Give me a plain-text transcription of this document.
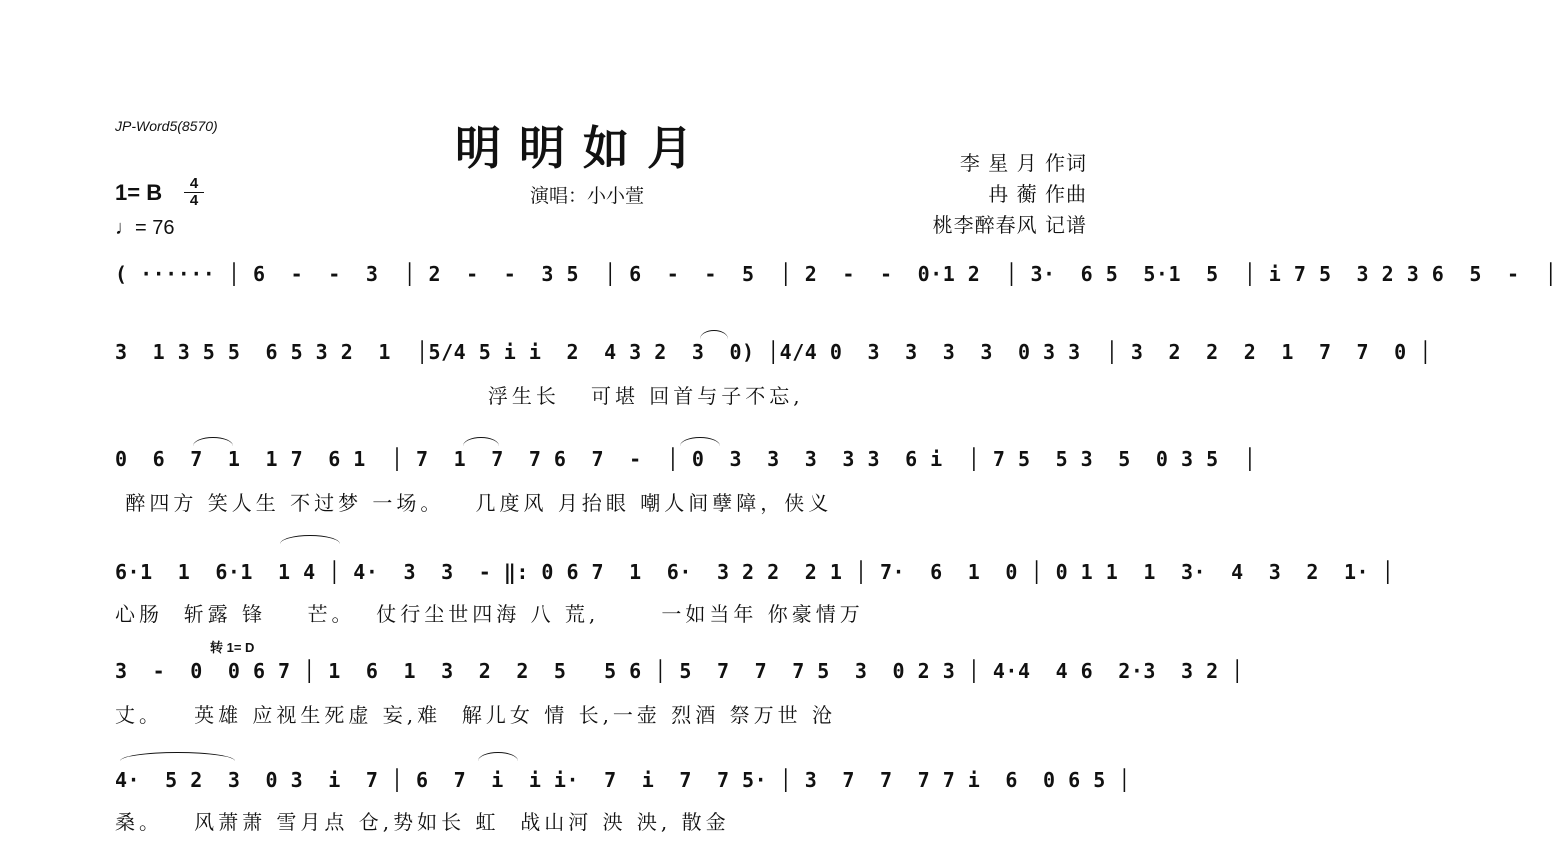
JP-Word5(8570)	明明如月
演唱：小小萱
李 星 月 作词
冉 蘅 作曲
桃李醉春风 记谱
1= B	4
4
♩= 76
( ······ │ 6  -  -  3  │ 2  -  -  3 5  │ 6  -  -  5  │ 2  -  -  0·1 2  │ 3·  6 5  5·1  5  │ i 7 5  3 2 3 6  5  -  │
3  1 3 5 5  6 5 3 2  1  │5/4 5 i i  2  4 3 2  3  0) │4/4 0  3  3  3  3  0 3 3  │ 3  2  2  2  1  7  7  0 │
浮生长   可堪 回首与子不忘,
0  6  7  1  1 7  6 1  │ 7  1  7  7 6  7  -  │ 0  3  3  3  3 3  6 i  │ 7 5  5 3  5  0 3 5  │
醉四方 笑人生 不过梦 一场。   几度风 月抬眼 嘲人间孽障，侠义
6·1  1  6·1  1 4 │ 4·  3  3  - ‖: 0 6 7  1  6·  3 2 2  2 1 │ 7·  6  1  0 │ 0 1 1  1  3·  4  3  2  1· │
心肠  斩露 锋    芒。  仗行尘世四海 八 荒,      一如当年 你豪情万
转 1= D
3  -  0  0 6 7 │ 1  6  1  3  2  2  5   5 6 │ 5  7  7  7 5  3  0 2 3 │ 4·4  4 6  2·3  3 2 │
丈。   英雄 应视生死虚 妄,难  解儿女 情 长,一壶 烈酒 祭万世 沧
4·  5 2  3  0 3  i  7 │ 6  7  i  i i·  7  i  7  7 5· │ 3  7  7  7 7 i  6  0 6 5 │
桑。   风萧萧 雪月点 仓,势如长 虹  战山河 泱 泱, 散金
